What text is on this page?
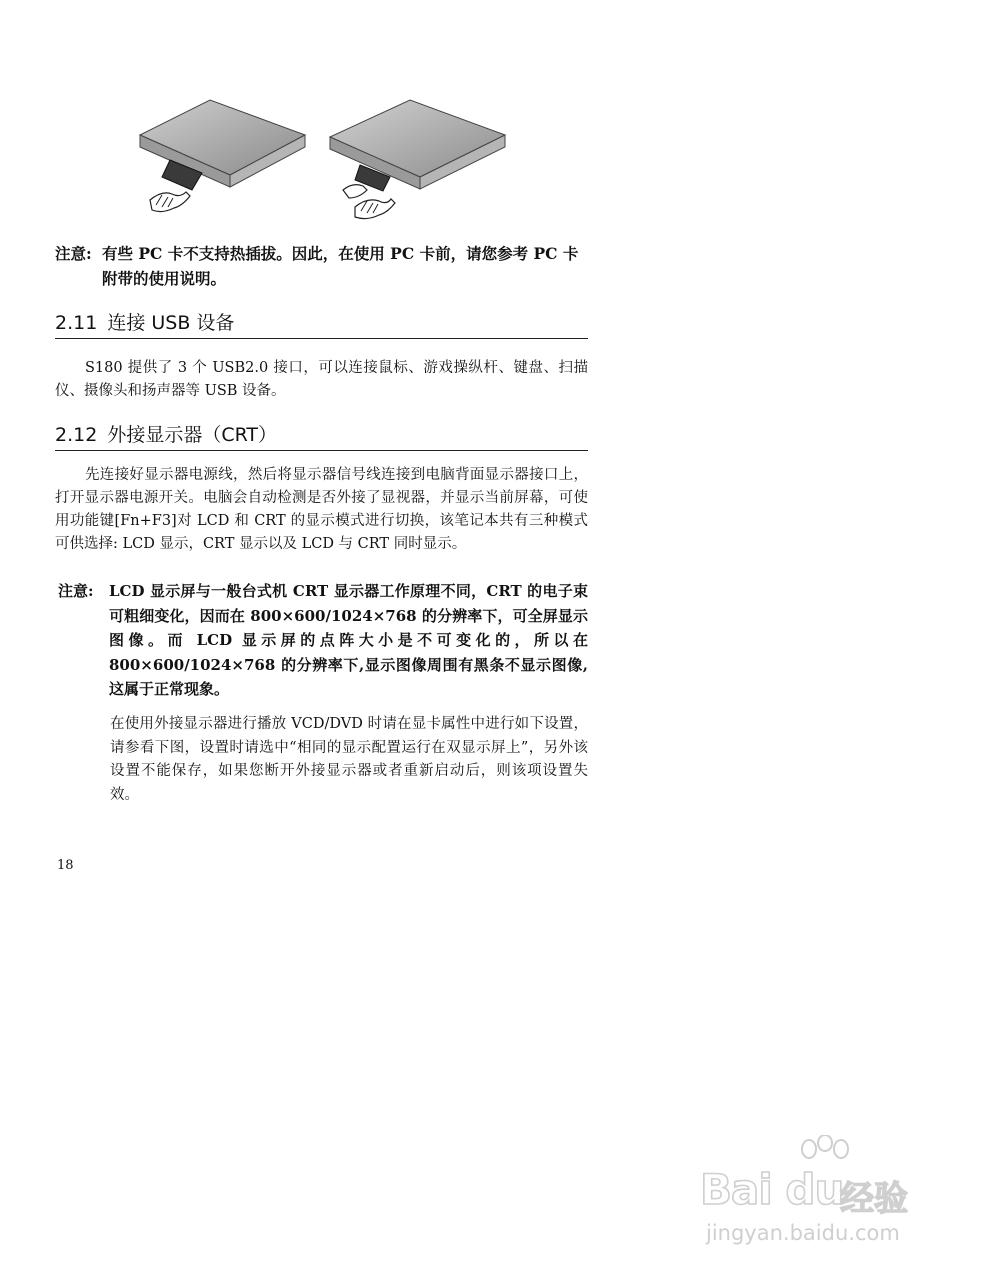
注意: 有些 PC 卡不支持热插拔。因此，在使用 PC 卡前，请您参考 PC 卡附带的使用说明。
2.11 连接 USB 设备

S180 提供了 3 个 USB2.0 接口，可以连接鼠标、游戏操纵杆、键盘、扫描仪、摄像头和扬声器等 USB 设备。

2.12 外接显示器（CRT）

先连接好显示器电源线，然后将显示器信号线连接到电脑背面显示器接口上，打开显示器电源开关。电脑会自动检测是否外接了显视器，并显示当前屏幕，可使用功能键[Fn+F3]对 LCD 和 CRT 的显示模式进行切换，该笔记本共有三种模式可供选择: LCD 显示，CRT 显示以及 LCD 与 CRT 同时显示。

注意: LCD 显示屏与一般台式机 CRT 显示器工作原理不同，CRT 的电子束可粗细变化，因而在 800×600/1024×768 的分辨率下，可全屏显示图像。而 LCD 显示屏的点阵大小是不可变化的，所以在 800×600/1024×768 的分辨率下,显示图像周围有黑条不显示图像,这属于正常现象。

在使用外接显示器进行播放 VCD/DVD 时请在显卡属性中进行如下设置，请参看下图，设置时请选中“相同的显示配置运行在双显示屏上”，另外该设置不能保存，如果您断开外接显示器或者重新启动后，则该项设置失效。

18
Bai du
经验
jingyan.baidu.com
